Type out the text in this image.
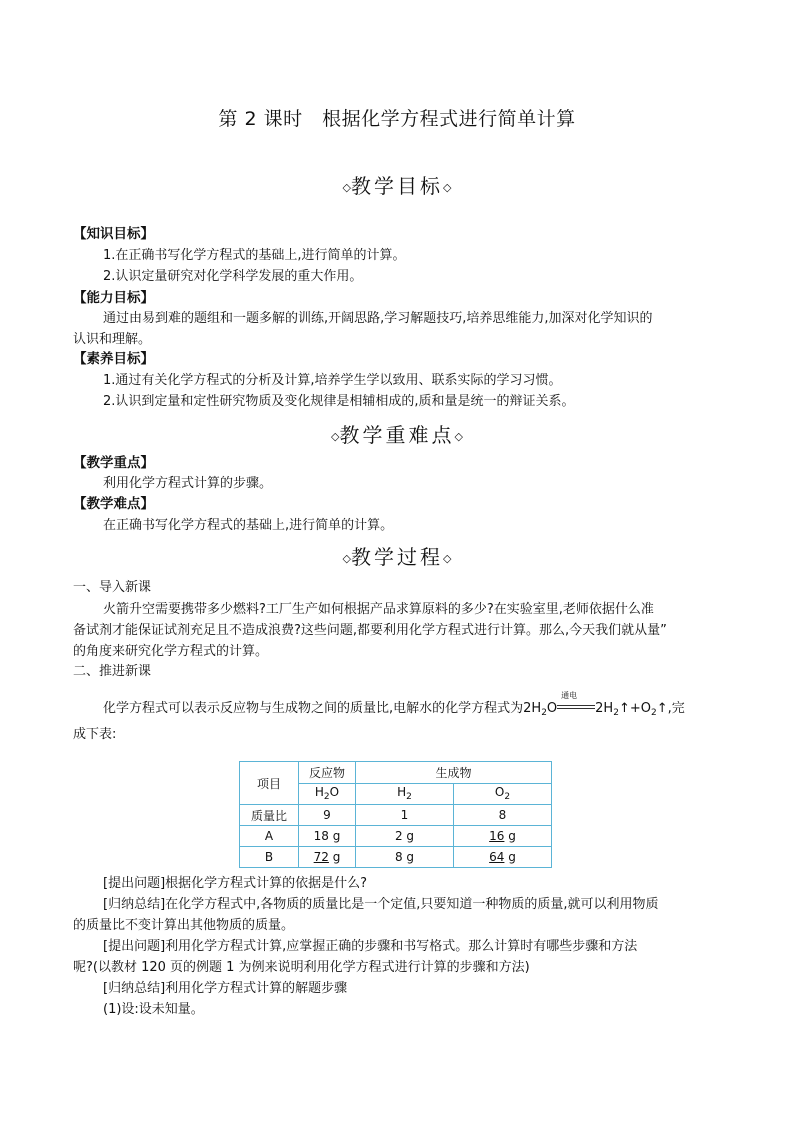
第 2 课时　根据化学方程式进行简单计算
◇教学目标◇
【知识目标】
1.在正确书写化学方程式的基础上,进行简单的计算。
2.认识定量研究对化学科学发展的重大作用。
【能力目标】
通过由易到难的题组和一题多解的训练,开阔思路,学习解题技巧,培养思维能力,加深对化学知识的
认识和理解。
【素养目标】
1.通过有关化学方程式的分析及计算,培养学生学以致用、联系实际的学习习惯。
2.认识到定量和定性研究物质及变化规律是相辅相成的,质和量是统一的辩证关系。
◇教学重难点◇
【教学重点】
利用化学方程式计算的步骤。
【教学难点】
在正确书写化学方程式的基础上,进行简单的计算。
◇教学过程◇
一、导入新课
火箭升空需要携带多少燃料?工厂生产如何根据产品求算原料的多少?在实验室里,老师依据什么准
备试剂才能保证试剂充足且不造成浪费?这些问题,都要利用化学方程式进行计算。那么,今天我们就从量”
的角度来研究化学方程式的计算。
二、推进新课
化学方程式可以表示反应物与生成物之间的质量比,电解水的化学方程式为$2H_2O$
通电
$2H_2↑+O_2↑$,完
成下表:
项目	反应物	生成物	
	$H_2O$	$H_2$	$O_2$
质量比	9	1	8
A	18 g	2 g	16 g
B	72 g	8 g	64 g
[提出问题]根据化学方程式计算的依据是什么?
[归纳总结]在化学方程式中,各物质的质量比是一个定值,只要知道一种物质的质量,就可以利用物质
的质量比不变计算出其他物质的质量。
[提出问题]利用化学方程式计算,应掌握正确的步骤和书写格式。那么计算时有哪些步骤和方法
呢?(以教材 120 页的例题 1 为例来说明利用化学方程式进行计算的步骤和方法)
[归纳总结]利用化学方程式计算的解题步骤
(1)设:设未知量。
